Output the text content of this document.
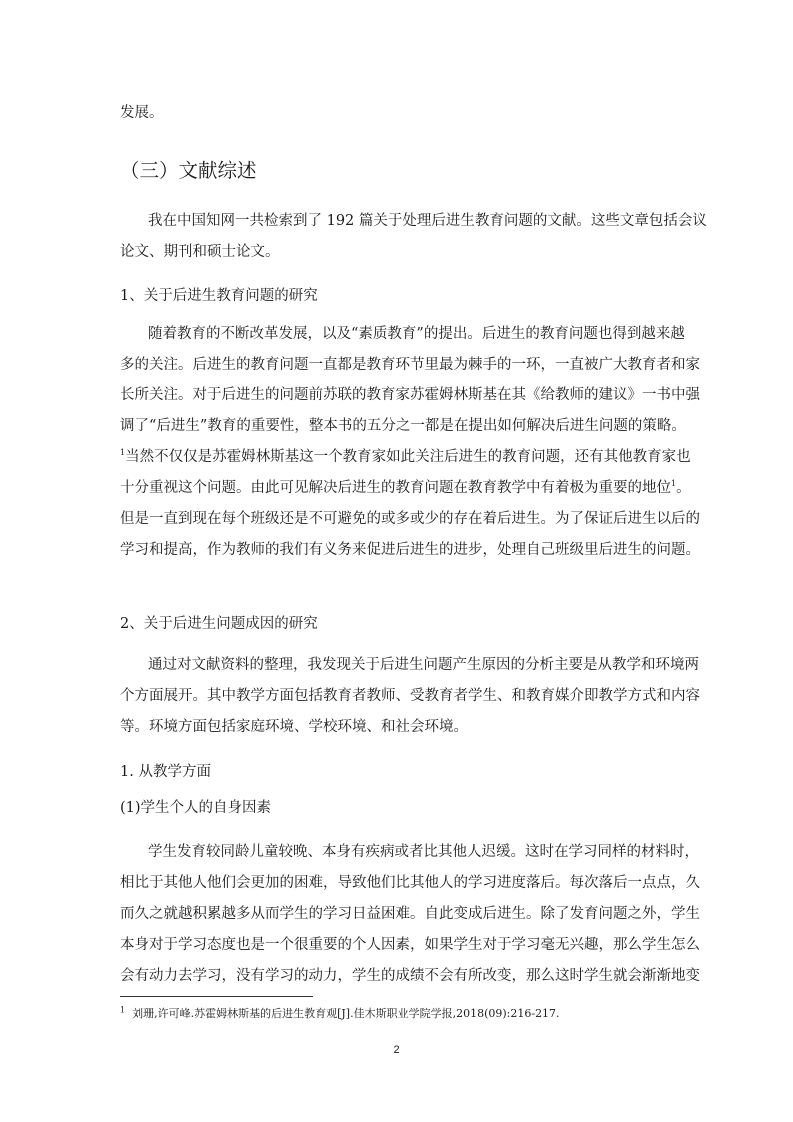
发展。
（三）文献综述
我在中国知网一共检索到了 192 篇关于处理后进生教育问题的文献。这些文章包括会议
论文、期刊和硕士论文。
1、关于后进生教育问题的研究
随着教育的不断改革发展，以及“素质教育”的提出。后进生的教育问题也得到越来越
多的关注。后进生的教育问题一直都是教育环节里最为棘手的一环，一直被广大教育者和家
长所关注。对于后进生的问题前苏联的教育家苏霍姆林斯基在其《给教师的建议》一书中强
调了“后进生”教育的重要性，整本书的五分之一都是在提出如何解决后进生问题的策略。
$^1$当然不仅仅是苏霍姆林斯基这一个教育家如此关注后进生的教育问题，还有其他教育家也
十分重视这个问题。由此可见解决后进生的教育问题在教育教学中有着极为重要的地位$^1$。
但是一直到现在每个班级还是不可避免的或多或少的存在着后进生。为了保证后进生以后的
学习和提高，作为教师的我们有义务来促进后进生的进步，处理自己班级里后进生的问题。
2、关于后进生问题成因的研究
通过对文献资料的整理，我发现关于后进生问题产生原因的分析主要是从教学和环境两
个方面展开。其中教学方面包括教育者教师、受教育者学生、和教育媒介即教学方式和内容
等。环境方面包括家庭环境、学校环境、和社会环境。
1. 从教学方面
(1)学生个人的自身因素
学生发育较同龄儿童较晚、本身有疾病或者比其他人迟缓。这时在学习同样的材料时，
相比于其他人他们会更加的困难，导致他们比其他人的学习进度落后。每次落后一点点，久
而久之就越积累越多从而学生的学习日益困难。自此变成后进生。除了发育问题之外，学生
本身对于学习态度也是一个很重要的个人因素，如果学生对于学习毫无兴趣，那么学生怎么
会有动力去学习，没有学习的动力，学生的成绩不会有所改变，那么这时学生就会渐渐地变
$^1$ 刘珊,许可峰.苏霍姆林斯基的后进生教育观[J].佳木斯职业学院学报,2018(09):216-217.
2
